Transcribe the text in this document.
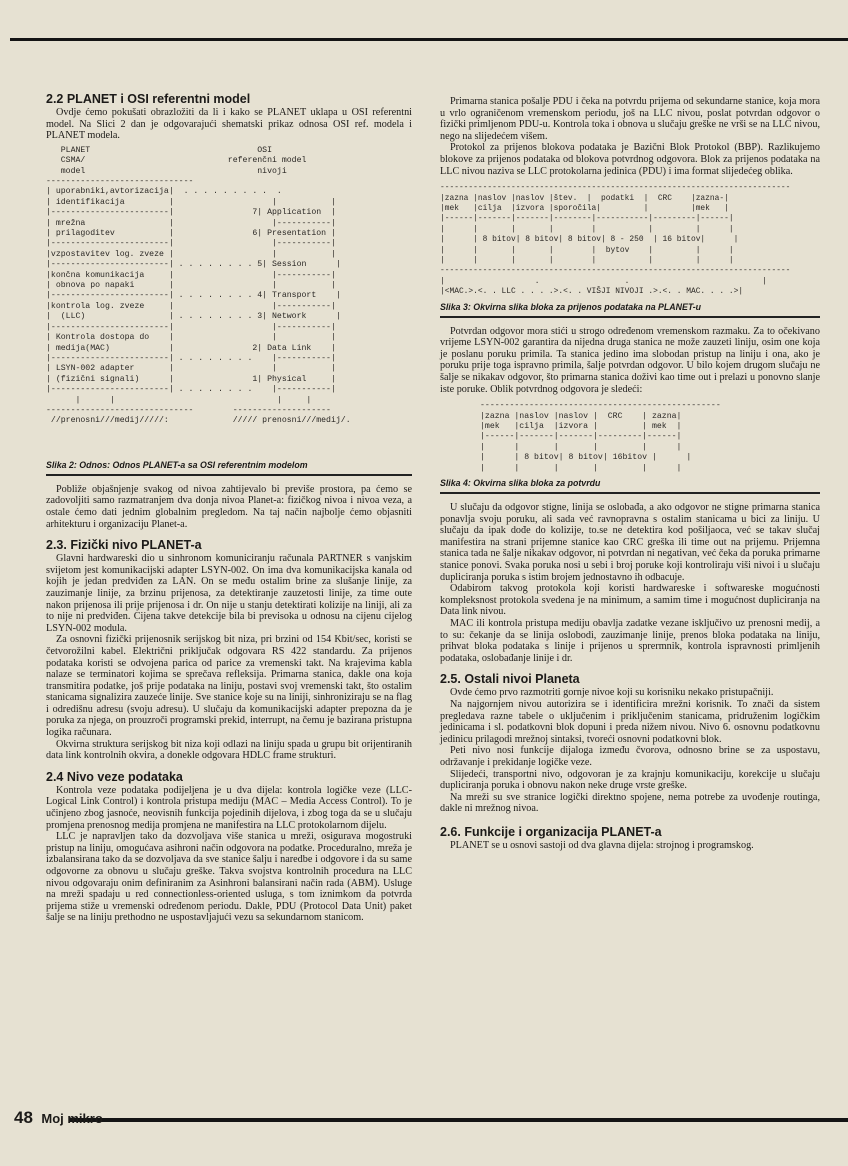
2.2 PLANET i OSI referentni model

Ovdje ćemo pokušati obrazložiti da li i kako se PLANET uklapa u OSI referentni model. Na Slici 2 dan je odgovarajući shematski prikaz odnosa OSI ref. modela i PLANET modela.

PLANET                                  OSI
CSMA/                             referenčni model
model                                   nivoji
------------------------------
| uporabniki,avtorizacija|  . . . . . . . . .  .
| identifikacija         |                    |           |
|------------------------|                7| Application  |
| mrežna                 |                    |-----------|
| prilagoditev           |                6| Presentation |
|------------------------|                    |-----------|
|vzpostavitev log. zveze |                    |           |
|------------------------| . . . . . . . . 5| Session      |
|končna komunikacija     |                    |-----------|
| obnova po napaki       |                    |           |
|------------------------| . . . . . . . . 4| Transport    |
|kontrola log. zveze     |                    |-----------|
|  (LLC)                 | . . . . . . . . 3| Network      |
|------------------------|                    |-----------|
| Kontrola dostopa do    |                    |           |
| medija(MAC)            |                2| Data Link    |
|------------------------| . . . . . . . .    |-----------|
| LSYN-002 adapter       |                    |           |
| (fizični signali)      |                1| Physical     |
|------------------------| . . . . . . . .    |-----------|
|      |                                 |     |
------------------------------        --------------------
//prenosni///medij/////:             ///// prenosni///medij/.
Slika 2: Odnos: Odnos PLANET-a sa OSI referentnim modelom

Pobliže objašnjenje svakog od nivoa zahtijevalo bi previše prostora, pa ćemo se zadovoljiti samo razmatranjem dva donja nivoa Planet-a: fizičkog nivoa i nivoa veza, a ostale ćemo dati jednim globalnim pregledom. Na taj način najbolje ćemo objasniti arhitekturu i organizaciju Planet-a.

2.3. Fizički nivo PLANET-a

Glavni hardwareski dio u sinhronom komuniciranju računala PARTNER s vanjskim svijetom jest komunikacijski adapter LSYN-002. On ima dva komunikacijska kanala od kojih je jedan predviđen za LAN. On se među ostalim brine za slušanje linije, za zauzimanje linije, za brzinu prijenosa, za detektiranje zauzetosti linije, za time oute nakon prijenosa ili prije prijenosa i dr. On nije u stanju detektirati kolizije na liniji, ali za to nije ni predviđen. Cijena takve detekcije bila bi previsoka u odnosu na cijenu cijelog LSYN-002 modula.

Za osnovni fizički prijenosnik serijskog bit niza, pri brzini od 154 Kbit/sec, koristi se četvorožilni kabel. Električni priključak odgovara RS 422 standardu. Za prijenos podataka koristi se odvojena parica od parice za vremenski takt. Na krajevima kabla nalaze se terminatori kojima se sprečava refleksija. Primarna stanica, dakle ona koja transmitira podatke, još prije podataka na liniju, postavi svoj vremenski takt, što ostalim stanicama signalizira zauzeće linije. Sve stanice koje su na liniji, sinhroniziraju se na flag i odredišnu adresu (svoju adresu). U slučaju da komunikacijski adapter prepozna da je poruka za njega, on prouzroči programski prekid, interrupt, na čemu je bazirana pristupna logika računara.

Okvirna struktura serijskog bit niza koji odlazi na liniju spada u grupu bit orijentiranih data link kontrolnih okvira, a donekle odgovara HDLC frame strukturi.

2.4 Nivo veze podataka

Kontrola veze podataka podijeljena je u dva dijela: kontrola logičke veze (LLC-Logical Link Control) i kontrola pristupa mediju (MAC – Media Access Control). To je učinjeno zbog jasnoće, neovisnih funkcija pojedinih dijelova, i zbog toga da se u slučaju promjena prenosnog medija promjena ne manifestira na LLC protokolarnom dijelu.

LLC je napravljen tako da dozvoljava više stanica u mreži, osigurava mogostruki pristup na liniju, omogućava asihroni način odgovora na podatke. Proceduralno, mreža je izbalansirana tako da se dozvoljava da sve stanice šalju i naredbe i odgovore i da su same odgovorne za obnovu u slučaju greške. Takva svojstva kontrolnih procedura na LLC nivou odgovaraju onim definiranim za Asinhroni balansirani način rada (ABM). Usluge na mreži spadaju u red connectionless-oriented usluga, s tom iznimkom da potvrda prijema stiže u vremenski određenom periodu. Dakle, PDU (Protocol Data Unit) paket šalje se na liniju prethodno ne uspostavljajući vezu sa sekundarnom stanicom.

Primarna stanica pošalje PDU i čeka na potvrdu prijema od sekundarne stanice, koja mora u vrlo ograničenom vremenskom periodu, još na LLC nivou, poslat potvrdan odgovor o fizički primljenom PDU-u. Kontrola toka i obnova u slučaju greške ne vrši se na LLC nivou, nego na slijedećem višem.

Protokol za prijenos blokova podataka je Bazični Blok Protokol (BBP). Razlikujemo blokove za prijenos podataka od blokova potvrdnog odgovora. Blok za prijenos podataka na LLC nivou naziva se LLC protokolarna jedinica (PDU) i ima format slijedećeg oblika.

--------------------------------------------------------------------------
|zazna |naslov |naslov |štev.  |  podatki  |  CRC    |zazna-|
|mek   |cilja  |izvora |sporočila|         |         |mek   |
|------|-------|-------|--------|-----------|---------|------|
|      |       |       |        |           |         |      |
|      | 8 bitov| 8 bitov| 8 bitov| 8 - 250  | 16 bitov|      |
|      |       |       |        |  bytov    |         |      |
|      |       |       |        |           |         |      |
--------------------------------------------------------------------------
|                   .                  .                            |
|<MAC.>.<. . LLC . . . .>.<. . VIŠJI NIVOJI .>.<. . MAC. . . .>|
Slika 3: Okvirna slika bloka za prijenos podataka na PLANET-u

Potvrdan odgovor mora stići u strogo određenom vremenskom razmaku. Za to očekivano vrijeme LSYN-002 garantira da nijedna druga stanica ne može zauzeti liniju, osim one koja je poslanu poruku primila. Ta stanica jedino ima slobodan pristup na liniju i ona, ako je poruku prije toga ispravno primila, šalje potvrdan odgovor. U bilo kojem drugom slučaju ne šalje se nikakav odgovor, što primarna stanica doživi kao time out i prelazi u ponovno slanje iste poruke. Oblik potvrdnog odgovora je sledeći:

-------------------------------------------------
|zazna |naslov |naslov |  CRC    | zazna|
|mek   |cilja  |izvora |         | mek  |
|------|-------|-------|---------|------|
|      |       |       |         |      |
|      | 8 bitov| 8 bitov| 16bitov |      |
|      |       |       |         |      |
Slika 4: Okvirna slika bloka za potvrdu

U slučaju da odgovor stigne, linija se oslobađa, a ako odgovor ne stigne primarna stanica ponavlja svoju poruku, ali sada već ravnopravna s ostalim stanicama u bici za liniju. U slučaju da ipak dođe do kolizije, to.se ne detektira kod pošiljaoca, već se takav slučaj manifestira na strani prijemne stanice kao CRC greška ili time out na prijemu. Prijemna stanica tada ne šalje nikakav odgovor, ni potvrdan ni negativan, već čeka da poruka primarne stanice ponovi. Svaka poruka nosi u sebi i broj poruke koji kontroliraju viši nivoi i u slučaju dupliciranja poruka s istim brojem jednostavno ih odbacuje.

Odabirom takvog protokola koji koristi hardwareske i softwareske mogućnosti kompleksnost protokola svedena je na minimum, a samim time i mogućnost dupliciranja na Data link nivou.

MAC ili kontrola pristupa mediju obavlja zadatke vezane isključivo uz prenosni medij, a to su: čekanje da se linija oslobodi, zauzimanje linije, prenos bloka podataka na liniju, prihvat bloka podataka s linije i prijenos u sprermnik, kontrola ispravnosti primljenih podataka, oslobađanje linije i dr.

2.5. Ostali nivoi Planeta

Ovde ćemo prvo razmotriti gornje nivoe koji su korisniku nekako pristupačniji.

Na najgornjem nivou autorizira se i identificira mrežni korisnik. To znači da sistem pregledava razne tabele o uključenim i priključenim stanicama, pridruženim logičkim jedinicama i sl. podatkovni blok dopuni i preda nižem nivou. Nivo 6. osnovnu podatkovnu jedinicu prilagodi mrežnoj sintaksi, tvoreći osnovni podatkovni blok.

Peti nivo nosi funkcije dijaloga između čvorova, odnosno brine se za uspostavu, održavanje i prekidanje logičke veze.

Slijedeći, transportni nivo, odgovoran je za krajnju komunikaciju, korekcije u slučaju dupliciranja poruka i obnovu nakon neke druge vrste greške.

Na mreži su sve stranice logički direktno spojene, nema potrebe za uvođenje routinga, dakle ni mrežnog nivoa.

2.6. Funkcije i organizacija PLANET-a

PLANET se u osnovi sastoji od dva glavna dijela: strojnog i programskog.

48 Moj mikro
